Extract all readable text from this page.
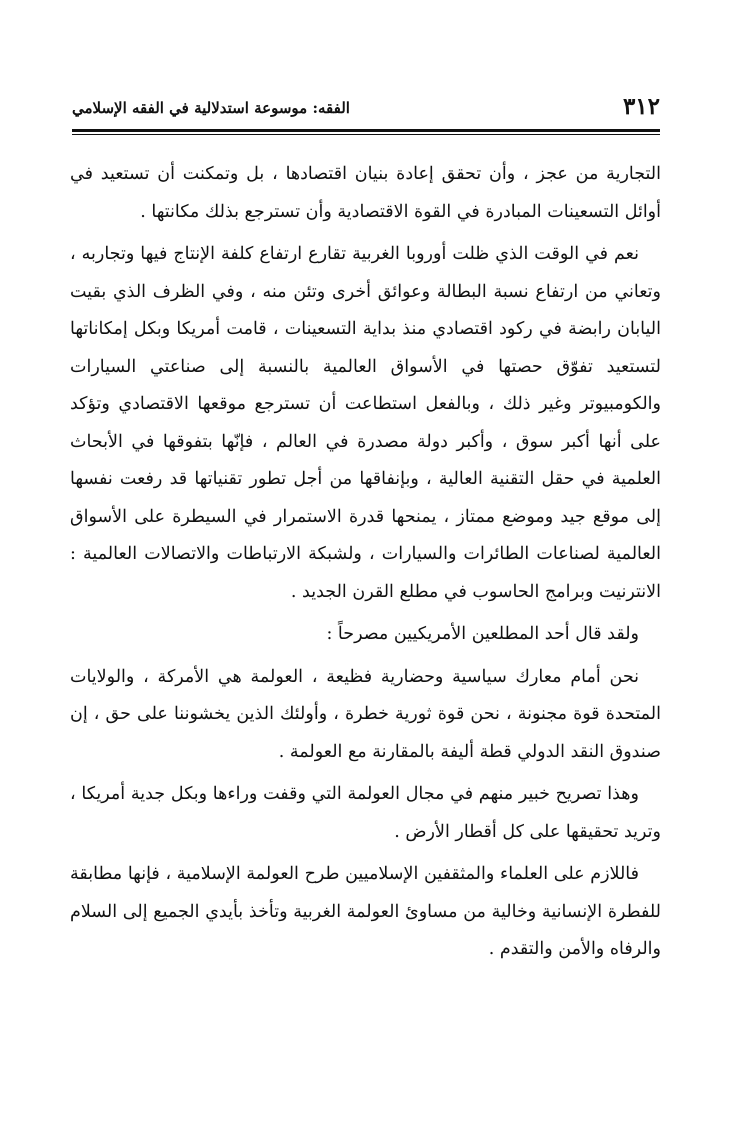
٣١٢
الفقه: موسوعة استدلالية في الفقه الإسلامي

التجارية من عجز ، وأن تحقق إعادة بنيان اقتصادها ، بل وتمكنت أن تستعيد في أوائل التسعينات المبادرة في القوة الاقتصادية وأن تسترجع بذلك مكانتها .

نعم في الوقت الذي ظلت أوروبا الغربية تقارع ارتفاع كلفة الإنتاج فيها وتجاربه ، وتعاني من ارتفاع نسبة البطالة وعوائق أخرى وتئن منه ، وفي الظرف الذي بقيت اليابان رابضة في ركود اقتصادي منذ بداية التسعينات ، قامت أمريكا وبكل إمكاناتها لتستعيد تفوّق حصتها في الأسواق العالمية بالنسبة إلى صناعتي السيارات والكومبيوتر وغير ذلك ، وبالفعل استطاعت أن تسترجع موقعها الاقتصادي وتؤكد على أنها أكبر سوق ، وأكبر دولة مصدرة في العالم ، فإنّها بتفوقها في الأبحاث العلمية في حقل التقنية العالية ، وبإنفاقها من أجل تطور تقنياتها قد رفعت نفسها إلى موقع جيد وموضع ممتاز ، يمنحها قدرة الاستمرار في السيطرة على الأسواق العالمية لصناعات الطائرات والسيارات ، ولشبكة الارتباطات والاتصالات العالمية : الانترنيت وبرامج الحاسوب في مطلع القرن الجديد .

ولقد قال أحد المطلعين الأمريكيين مصرحاً :

نحن أمام معارك سياسية وحضارية فظيعة ، العولمة هي الأمركة ، والولايات المتحدة قوة مجنونة ، نحن قوة ثورية خطرة ، وأولئك الذين يخشوننا على حق ، إن صندوق النقد الدولي قطة أليفة بالمقارنة مع العولمة .

وهذا تصريح خبير منهم في مجال العولمة التي وقفت وراءها وبكل جدية أمريكا ، وتريد تحقيقها على كل أقطار الأرض .

فاللازم على العلماء والمثقفين الإسلاميين طرح العولمة الإسلامية ، فإنها مطابقة للفطرة الإنسانية وخالية من مساوئ العولمة الغربية وتأخذ بأيدي الجميع إلى السلام والرفاه والأمن والتقدم .
